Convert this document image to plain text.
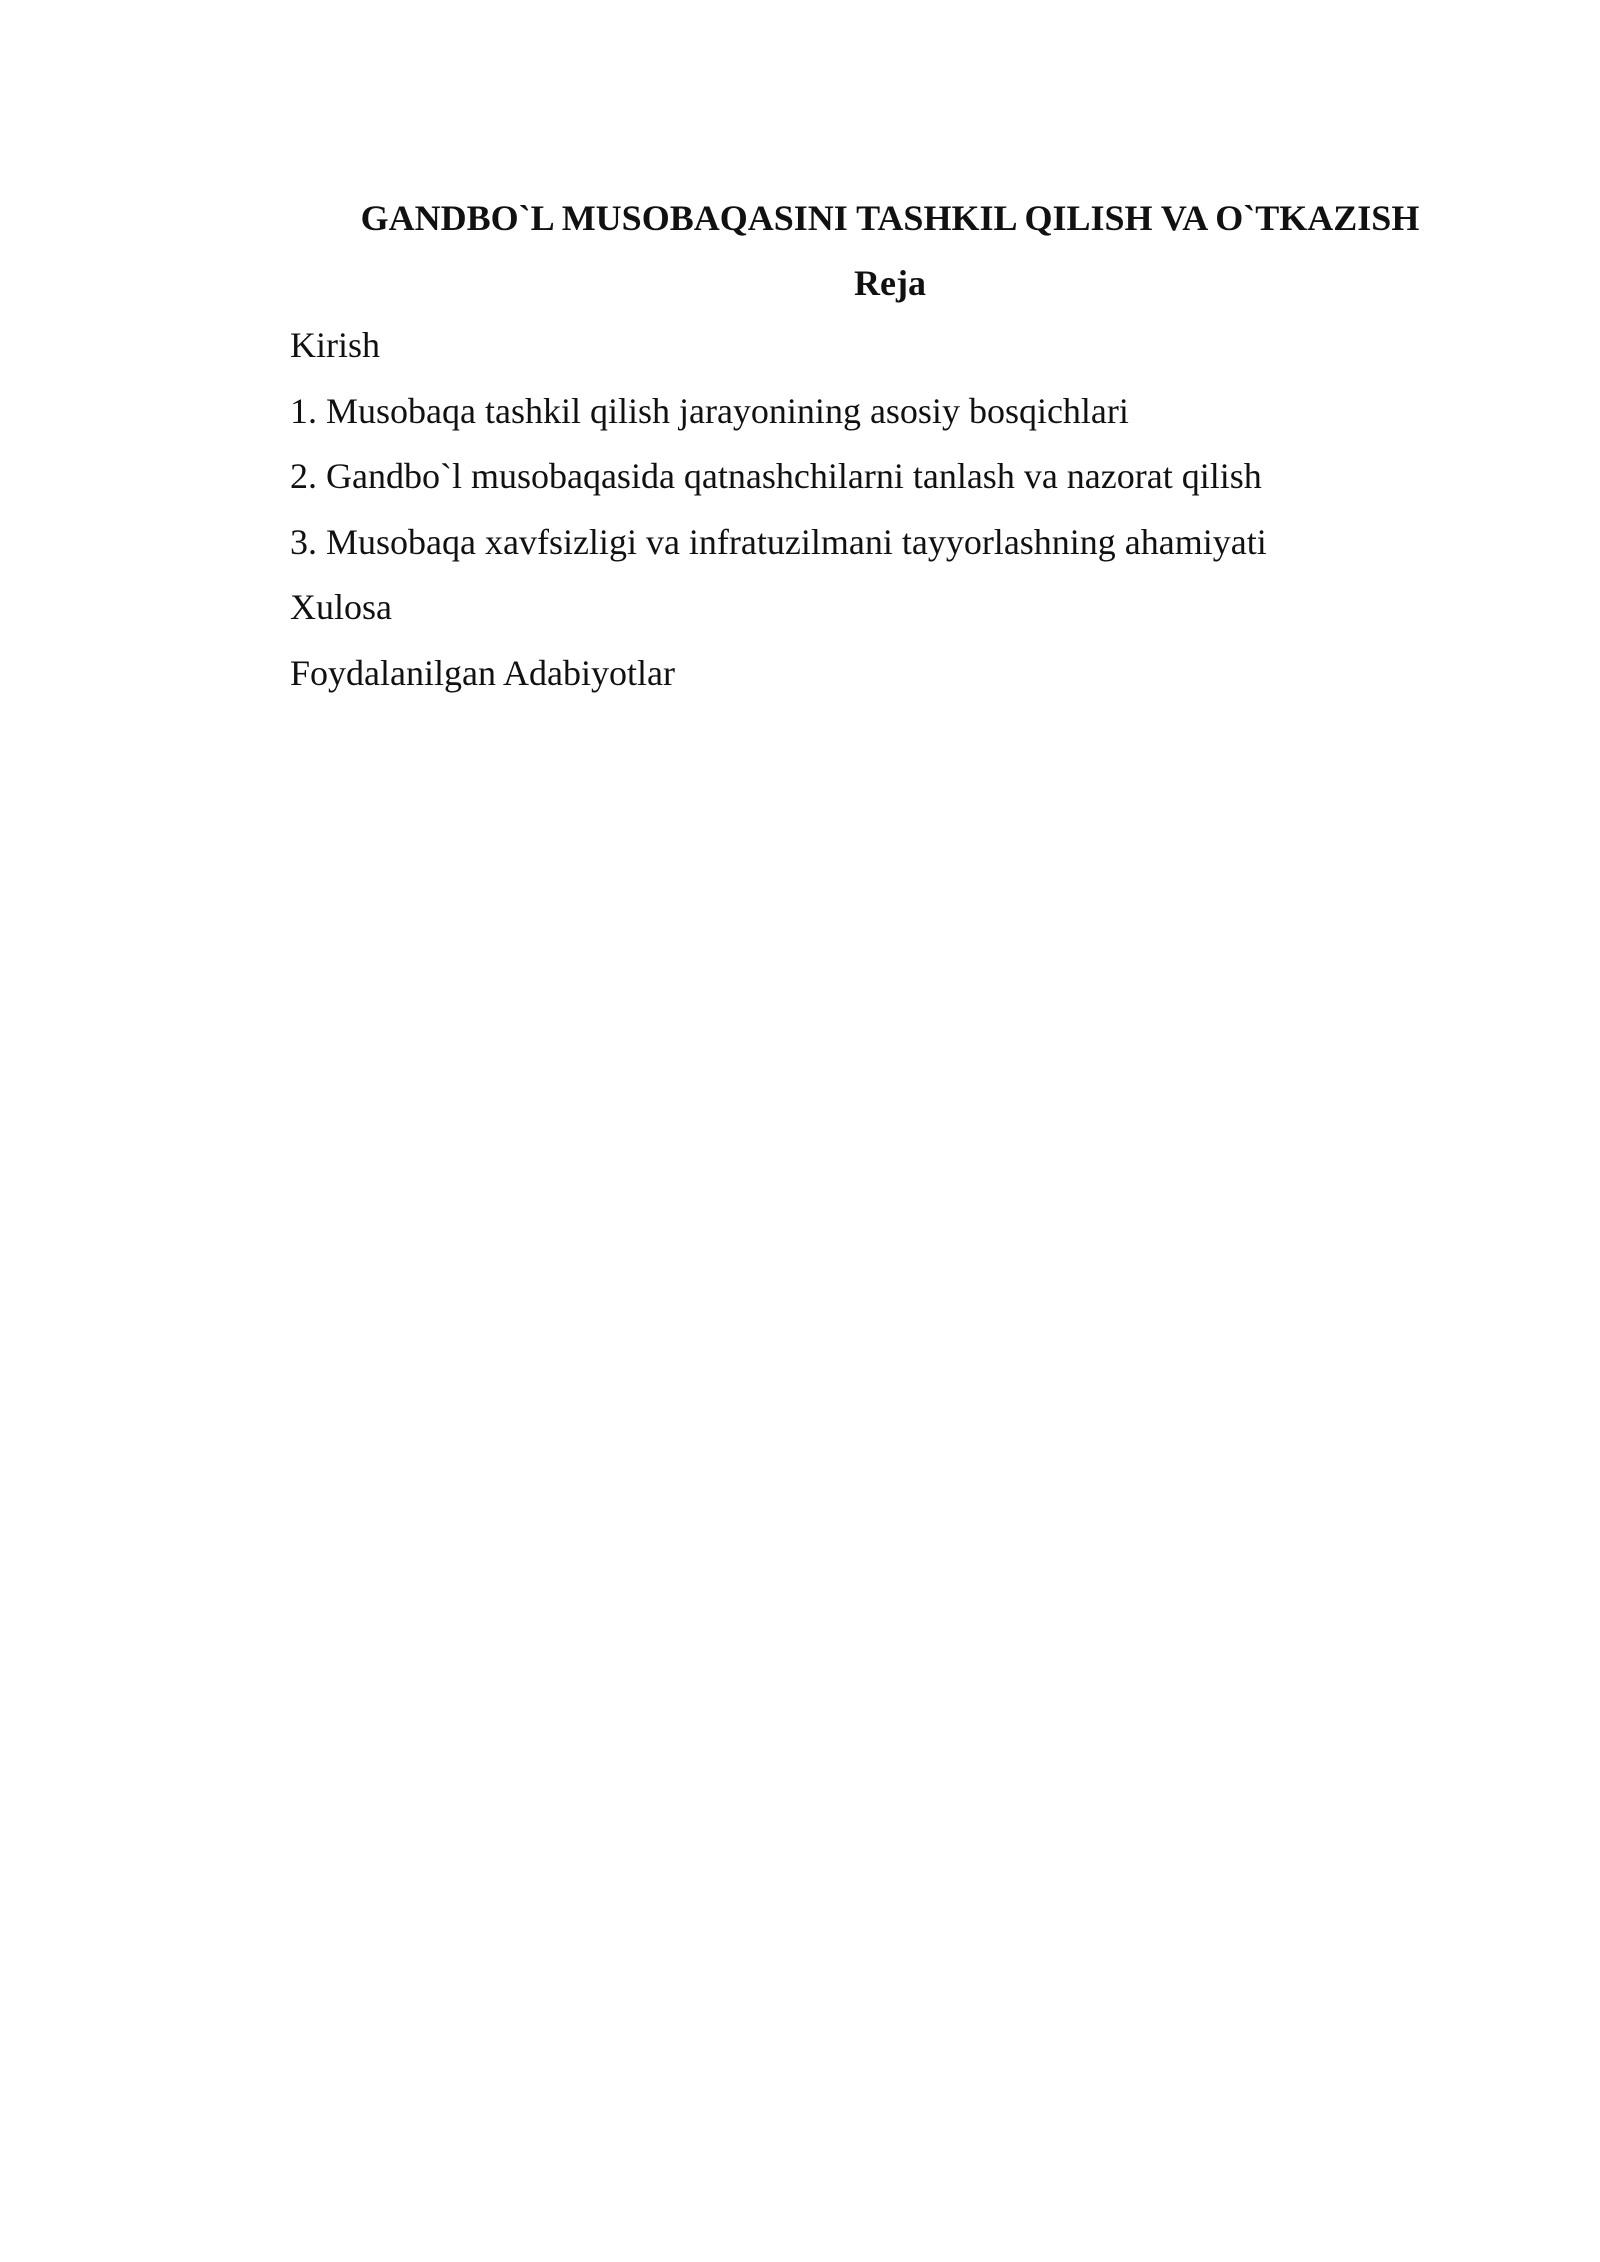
GANDBO`L MUSOBAQASINI TASHKIL QILISH VA O`TKAZISH
Reja
Kirish
1. Musobaqa tashkil qilish jarayonining asosiy bosqichlari
2. Gandbo`l musobaqasida qatnashchilarni tanlash va nazorat qilish
3. Musobaqa xavfsizligi va infratuzilmani tayyorlashning ahamiyati
Xulosa
Foydalanilgan Adabiyotlar
